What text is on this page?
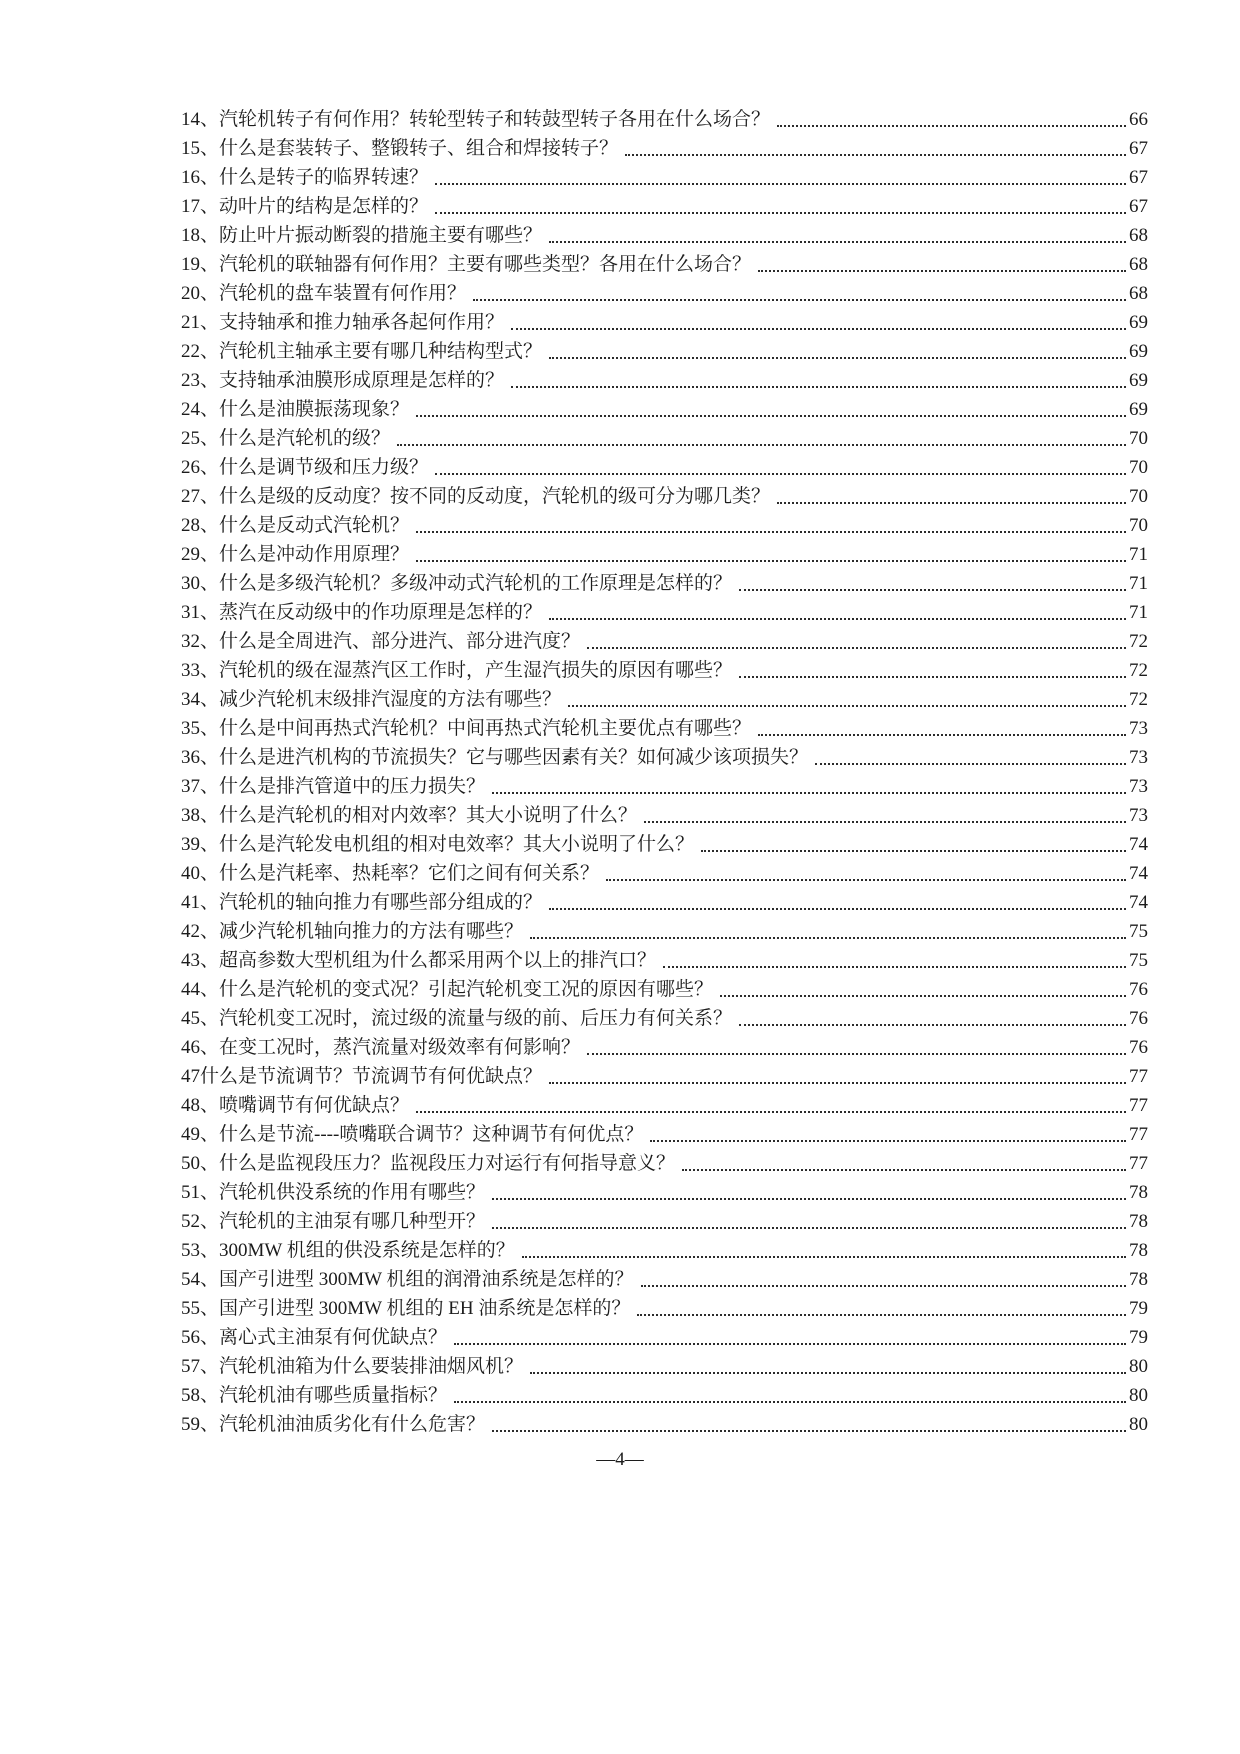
14、 汽轮机转子有何作用？转轮型转子和转鼓型转子各用在什么场合？	66
15、 什么是套装转子、整锻转子、组合和焊接转子？	67
16、 什么是转子的临界转速？	67
17、 动叶片的结构是怎样的？	67
18、 防止叶片振动断裂的措施主要有哪些？	68
19、 汽轮机的联轴器有何作用？主要有哪些类型？各用在什么场合？	68
20、 汽轮机的盘车装置有何作用？	68
21、 支持轴承和推力轴承各起何作用？	69
22、 汽轮机主轴承主要有哪几种结构型式？	69
23、 支持轴承油膜形成原理是怎样的？	69
24、 什么是油膜振荡现象？	69
25、 什么是汽轮机的级？	70
26、 什么是调节级和压力级？	70
27、 什么是级的反动度？按不同的反动度，汽轮机的级可分为哪几类？	70
28、 什么是反动式汽轮机？	70
29、 什么是冲动作用原理？	71
30、 什么是多级汽轮机？多级冲动式汽轮机的工作原理是怎样的？	71
31、 蒸汽在反动级中的作功原理是怎样的？	71
32、 什么是全周进汽、部分进汽、部分进汽度？	72
33、 汽轮机的级在湿蒸汽区工作时，产生湿汽损失的原因有哪些？	72
34、 减少汽轮机末级排汽湿度的方法有哪些？	72
35、 什么是中间再热式汽轮机？中间再热式汽轮机主要优点有哪些？	73
36、 什么是进汽机构的节流损失？它与哪些因素有关？如何减少该项损失？	73
37、 什么是排汽管道中的压力损失？	73
38、 什么是汽轮机的相对内效率？其大小说明了什么？	73
39、 什么是汽轮发电机组的相对电效率？其大小说明了什么？	74
40、 什么是汽耗率、热耗率？它们之间有何关系？	74
41、 汽轮机的轴向推力有哪些部分组成的？	74
42、 减少汽轮机轴向推力的方法有哪些？	75
43、 超高参数大型机组为什么都采用两个以上的排汽口？	75
44、 什么是汽轮机的变式况？引起汽轮机变工况的原因有哪些？	76
45、 汽轮机变工况时，流过级的流量与级的前、后压力有何关系？	76
46、 在变工况时，蒸汽流量对级效率有何影响？	76
47 什么是节流调节？节流调节有何优缺点？	77
48、 喷嘴调节有何优缺点？	77
49、 什么是节流----喷嘴联合调节？这种调节有何优点？	77
50、 什么是监视段压力？监视段压力对运行有何指导意义？	77
51、 汽轮机供没系统的作用有哪些？	78
52、 汽轮机的主油泵有哪几种型开？	78
53、 300MW 机组的供没系统是怎样的？	78
54、 国产引进型 300MW 机组的润滑油系统是怎样的？	78
55、 国产引进型 300MW 机组的 EH 油系统是怎样的？	79
56、 离心式主油泵有何优缺点？	79
57、 汽轮机油箱为什么要装排油烟风机？	80
58、 汽轮机油有哪些质量指标？	80
59、 汽轮机油油质劣化有什么危害？	80
—4—
